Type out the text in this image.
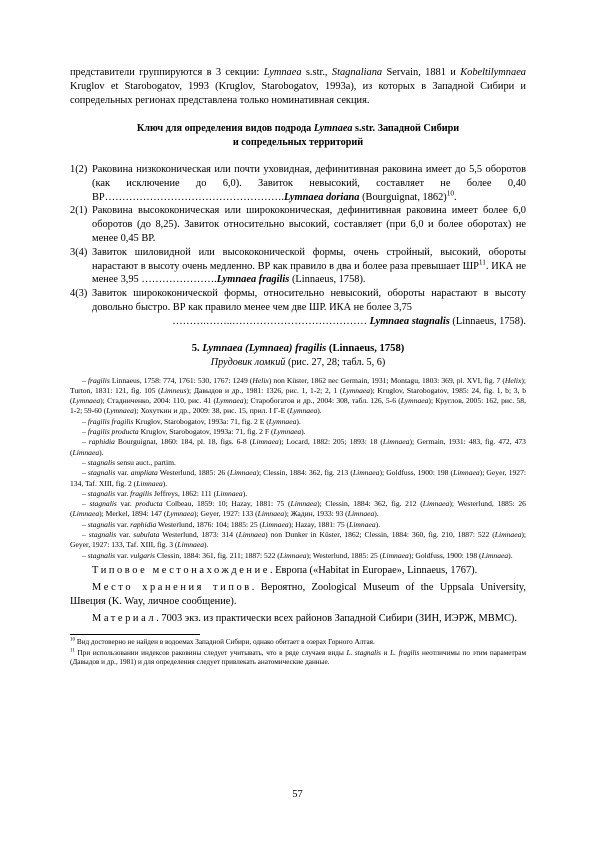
представители группируются в 3 секции: Lymnaea s.str., Stagnaliana Servain, 1881 и Kobeltilymnaea Kruglov et Starobogatov, 1993 (Kruglov, Starobogatov, 1993a), из которых в Западной Сибири и сопредельных регионах представлена только номинативная секция.

Ключ для определения видов подрода Lymnaea s.str. Западной Сибири
и сопредельных территорий
1(2) Раковина низкоконическая или почти уховидная, дефинитивная раковина имеет до 5,5 оборотов (как исключение до 6,0). Завиток невысокий, составляет не более 0,40 ВР…………………………………………….Lymnaea doriana (Bourguignat, 1862)$^{10}$.
2(1) Раковина высококоническая или ширококоническая, дефинитивная раковина имеет более 6,0 оборотов (до 8,25). Завиток относительно высокий, составляет (при 6,0 и более оборотах) не менее 0,45 ВР.
3(4) Завиток шиловидной или высококонической формы, очень стройный, высокий, обороты нарастают в высоту очень медленно. ВР как правило в два и более раза превышает ШР$^{11}$. ИКА не менее 3,95 ………………….Lymnaea fragilis (Linnaeus, 1758).
4(3) Завиток ширококонической формы, относительно невысокий, обороты нарастают в высоту довольно быстро. ВР как правило менее чем две ШР. ИКА не более 3,75
……….……..………………………………… Lymnaea stagnalis (Linnaeus, 1758).
5. Lymnaea (Lymnaea) fragilis (Linnaeus, 1758)
Прудовик ломкий (рис. 27, 28; табл. 5, 6)

– fragilis Linnaeus, 1758: 774, 1761: 530, 1767: 1249 (Helix) non Küster, 1862 nec Germain, 1931; Montagu, 1803: 369, pl. XVI, fig. 7 (Helix); Turton, 1831: 121, fig. 105 (Limneus); Давыдов и др., 1981: 1326, рис. 1, 1-2; 2, 1 (Lymnaea); Kruglov, Starobogatov, 1985: 24, fig. 1, b; 3, b (Lymnaea); Стадниченко, 2004: 110, рис. 41 (Lymnaea); Старобогатов и др., 2004: 308, табл. 126, 5-6 (Lymnaea); Круглов, 2005: 162, рис. 58, 1-2; 59-60 (Lymnaea); Хохуткин и др., 2009: 38, рис. 15, прил. I Г-Е (Lymnaea).

– fragilis fragilis Kruglov, Starobogatov, 1993a: 71, fig. 2 E (Lymnaea).

– fragilis producta Kruglov, Starobogatov, 1993a: 71, fig. 2 F (Lymnaea).

– raphidia Bourguignat, 1860: 184, pl. 18, figs. 6-8 (Limnaea); Locard, 1882: 205; 1893: 18 (Limnaea); Germain, 1931: 483, fig. 472, 473 (Limnaea).

– stagnalis sensu auct., partim.

– stagnalis var. ampliata Westerlund, 1885: 26 (Limnaea); Clessin, 1884: 362, fig. 213 (Limnaea); Goldfuss, 1900: 198 (Limnaea); Geyer, 1927: 134, Taf. XIII, fig. 2 (Limnaea).

– stagnalis var. fragilis Jeffreys, 1862: 111 (Limnaea).

– stagnalis var. producta Colbeau, 1859: 10; Hazay, 1881: 75 (Limnaea); Clessin, 1884: 362, fig. 212 (Limnaea); Westerlund, 1885: 26 (Limnaea); Merkel, 1894: 147 (Lymnaea); Geyer, 1927: 133 (Limnaea); Жадин, 1933: 93 (Limnaea).

– stagnalis var. raphidia Westerlund, 1876: 104; 1885: 25 (Limnaea); Hazay, 1881: 75 (Limnaea).

– stagnalis var. subulata Westerlund, 1873: 314 (Limnaea) non Dunker in Küster, 1862; Clessin, 1884: 360, fig. 210, 1887: 522 (Limnaea); Geyer, 1927: 133, Taf. XIII, fig. 3 (Limnaea).

– stagnalis var. vulgaris Clessin, 1884: 361, fig. 211; 1887: 522 (Limnaea); Westerlund, 1885: 25 (Limnaea); Goldfuss, 1900: 198 (Limnaea).

Типовое местонахождение. Европа («Habitat in Europae», Linnaeus, 1767).

Место хранения типов. Вероятно, Zoological Museum of the Uppsala University, Швеция (K. Way, личное сообщение).

Материал. 7003 экз. из практически всех районов Западной Сибири (ЗИН, ИЭРЖ, МВМС).

$^{10}$ Вид достоверно не найден в водоемах Западной Сибири, однако обитает в озерах Горного Алтая.

$^{11}$ При использовании индексов раковины следует учитывать, что в ряде случаев виды L. stagnalis и L. fragilis неотличимы по этим параметрам (Давыдов и др., 1981) и для определения следует привлекать анатомические данные.

57
